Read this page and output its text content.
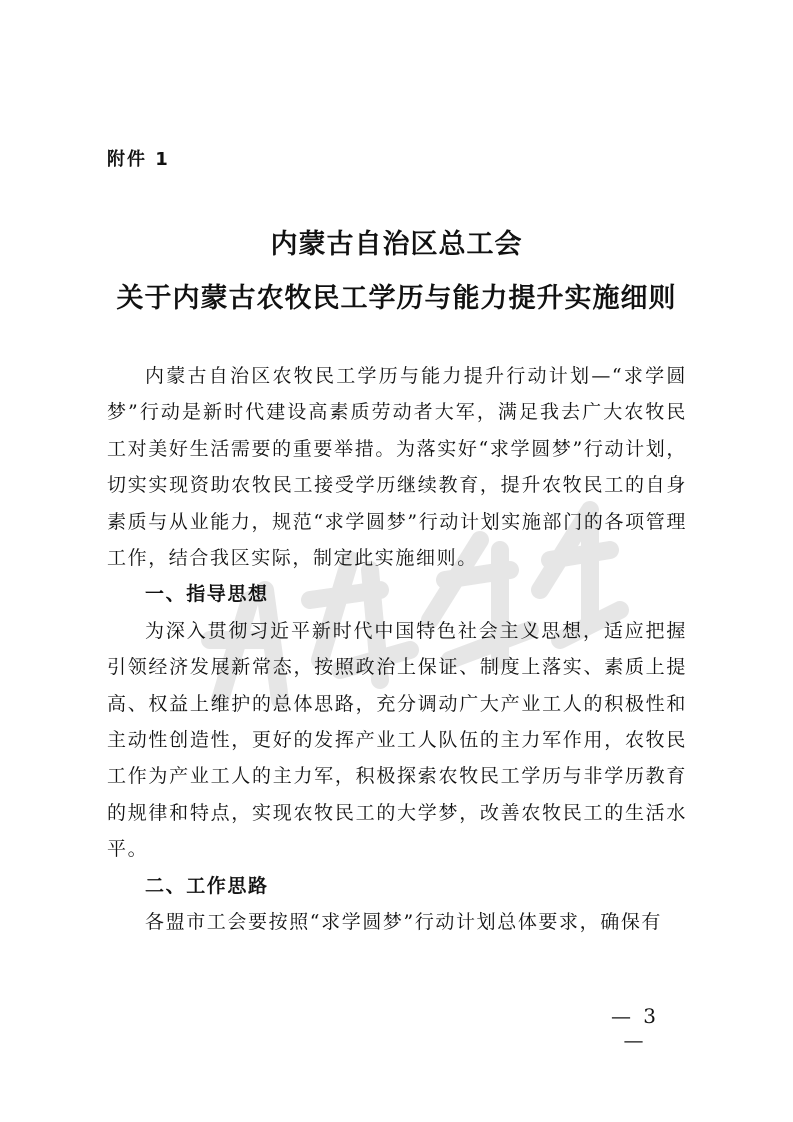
附件 1
内蒙古自治区总工会
关于内蒙古农牧民工学历与能力提升实施细则

内蒙古自治区农牧民工学历与能力提升行动计划—“求学圆梦”行动是新时代建设高素质劳动者大军，满足我去广大农牧民工对美好生活需要的重要举措。为落实好“求学圆梦”行动计划，切实实现资助农牧民工接受学历继续教育，提升农牧民工的自身素质与从业能力，规范“求学圆梦”行动计划实施部门的各项管理工作，结合我区实际，制定此实施细则。

一、指导思想

为深入贯彻习近平新时代中国特色社会主义思想，适应把握引领经济发展新常态，按照政治上保证、制度上落实、素质上提高、权益上维护的总体思路，充分调动广大产业工人的积极性和主动性创造性，更好的发挥产业工人队伍的主力军作用，农牧民工作为产业工人的主力军，积极探索农牧民工学历与非学历教育的规律和特点，实现农牧民工的大学梦，改善农牧民工的生活水平。

二、工作思路

各盟市工会要按照“求学圆梦”行动计划总体要求，确保有

— 3 —
